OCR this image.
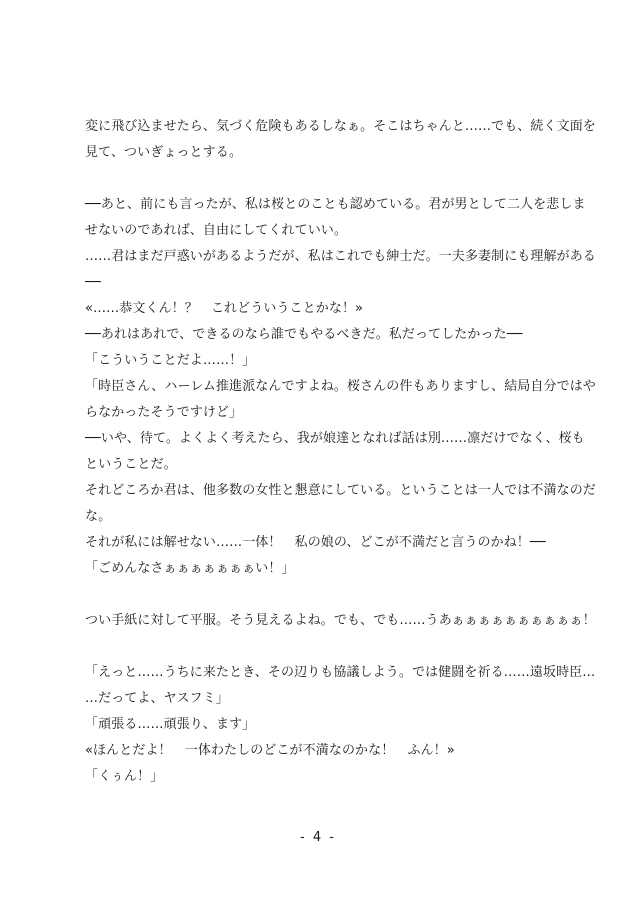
変に飛び込ませたら、気づく危険もあるしなぁ。そこはちゃんと……でも、続く文面を
見て、ついぎょっとする。
──あと、前にも言ったが、私は桜とのことも認めている。君が男として二人を悲しま
せないのであれば、自由にしてくれていい。
……君はまだ戸惑いがあるようだが、私はこれでも紳士だ。一夫多妻制にも理解がある
──
«……恭文くん！？　これどういうことかな！»
──あれはあれで、できるのなら誰でもやるべきだ。私だってしたかった──
「こういうことだよ……！」
「時臣さん、ハーレム推進派なんですよね。桜さんの件もありますし、結局自分ではや
らなかったそうですけど」
──いや、待て。よくよく考えたら、我が娘達となれば話は別……凛だけでなく、桜も
ということだ。
それどころか君は、他多数の女性と懇意にしている。ということは一人では不満なのだ
な。
それが私には解せない……一体！　私の娘の、どこが不満だと言うのかね！──
「ごめんなさぁぁぁぁぁぁぁい！」
つい手紙に対して平服。そう見えるよね。でも、でも……うあぁぁぁぁぁぁぁぁぁぁ！
「えっと……うちに来たとき、その辺りも協議しよう。では健闘を祈る……遠坂時臣…
…だってよ、ヤスフミ」
「頑張る……頑張り、ます」
«ほんとだよ！　一体わたしのどこが不満なのかな！　ふん！»
「くぅん！」
- 4 -
